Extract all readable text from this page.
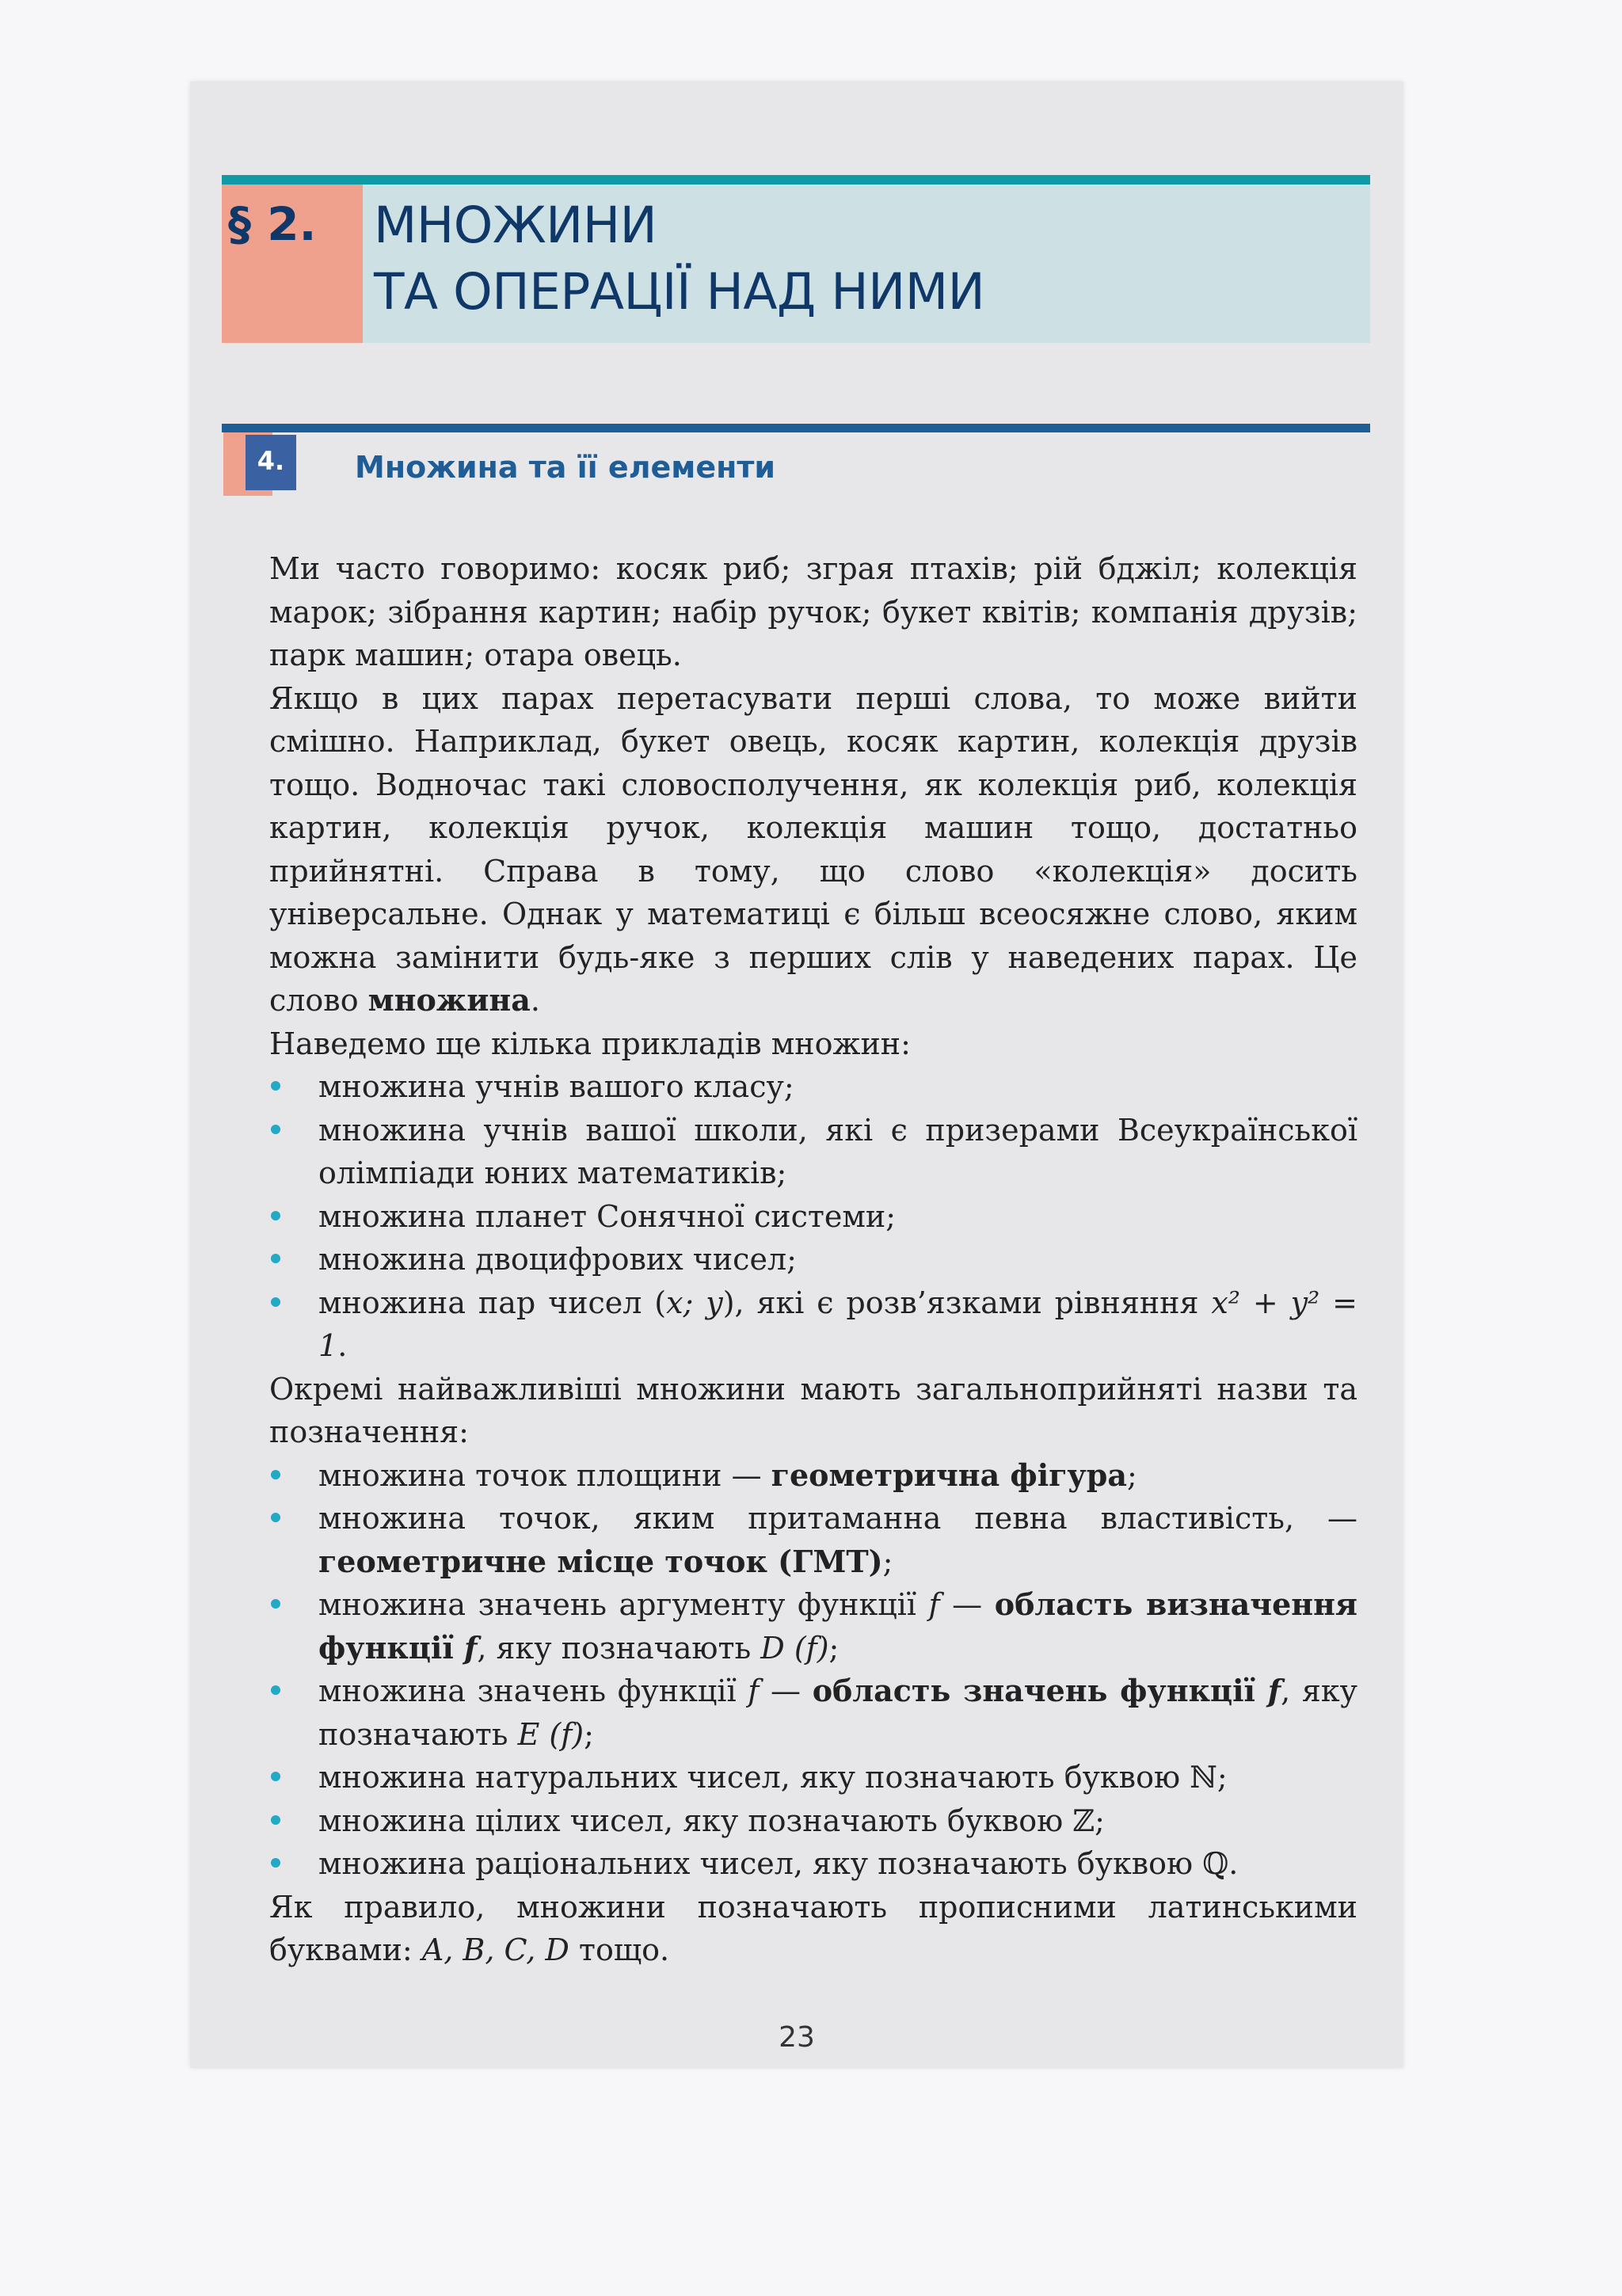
§ 2.	МНОЖИНИ
ТА ОПЕРАЦІЇ НАД НИМИ
4.	Множина та її елементи

Ми часто говоримо: косяк риб; зграя птахів; рій бджіл; колекція марок; зібрання картин; набір ручок; букет квітів; компанія друзів; парк машин; отара овець.

Якщо в цих парах перетасувати перші слова, то може вийти смішно. Наприклад, букет овець, косяк картин, колекція друзів тощо. Водночас такі словосполучення, як колекція риб, колекція картин, колекція ручок, колекція машин тощо, достатньо прийнятні. Справа в тому, що слово «колекція» досить універсальне. Однак у математиці є більш всеосяжне слово, яким можна замінити будь-яке з перших слів у наведених парах. Це слово множина.

Наведемо ще кілька прикладів множин:

множина учнів вашого класу;
множина учнів вашої школи, які є призерами Всеукраїнської олімпіади юних математиків;
множина планет Сонячної системи;
множина двоцифрових чисел;
множина пар чисел (x; y), які є розв’язками рівняння x² + y² = 1.

Окремі найважливіші множини мають загальноприйняті назви та позначення:

множина точок площини — геометрична фігура;
множина точок, яким притаманна певна властивість, — геометричне місце точок (ГМТ);
множина значень аргументу функції f — область визначення функції f, яку позначають D (f);
множина значень функції f — область значень функції f, яку позначають E (f);
множина натуральних чисел, яку позначають буквою ℕ;
множина цілих чисел, яку позначають буквою ℤ;
множина раціональних чисел, яку позначають буквою ℚ.

Як правило, множини позначають прописними латинськими буквами: A, B, C, D тощо.

23
